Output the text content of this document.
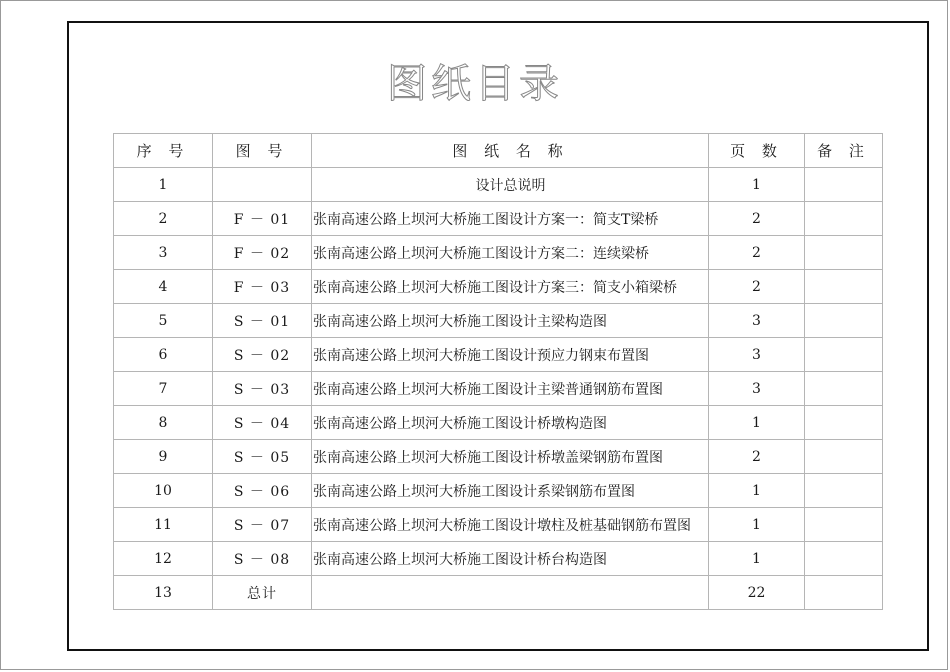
图纸目录
序 号	图 号	图 纸 名 称	页 数	备 注
1		设计总说明	1	
2	F － 01	张南高速公路上坝河大桥施工图设计方案一：简支T梁桥	2	
3	F － 02	张南高速公路上坝河大桥施工图设计方案二：连续梁桥	2	
4	F － 03	张南高速公路上坝河大桥施工图设计方案三：简支小箱梁桥	2	
5	S － 01	张南高速公路上坝河大桥施工图设计主梁构造图	3	
6	S － 02	张南高速公路上坝河大桥施工图设计预应力钢束布置图	3	
7	S － 03	张南高速公路上坝河大桥施工图设计主梁普通钢筋布置图	3	
8	S － 04	张南高速公路上坝河大桥施工图设计桥墩构造图	1	
9	S － 05	张南高速公路上坝河大桥施工图设计桥墩盖梁钢筋布置图	2	
10	S － 06	张南高速公路上坝河大桥施工图设计系梁钢筋布置图	1	
11	S － 07	张南高速公路上坝河大桥施工图设计墩柱及桩基础钢筋布置图	1	
12	S － 08	张南高速公路上坝河大桥施工图设计桥台构造图	1	
13	总计		22	
